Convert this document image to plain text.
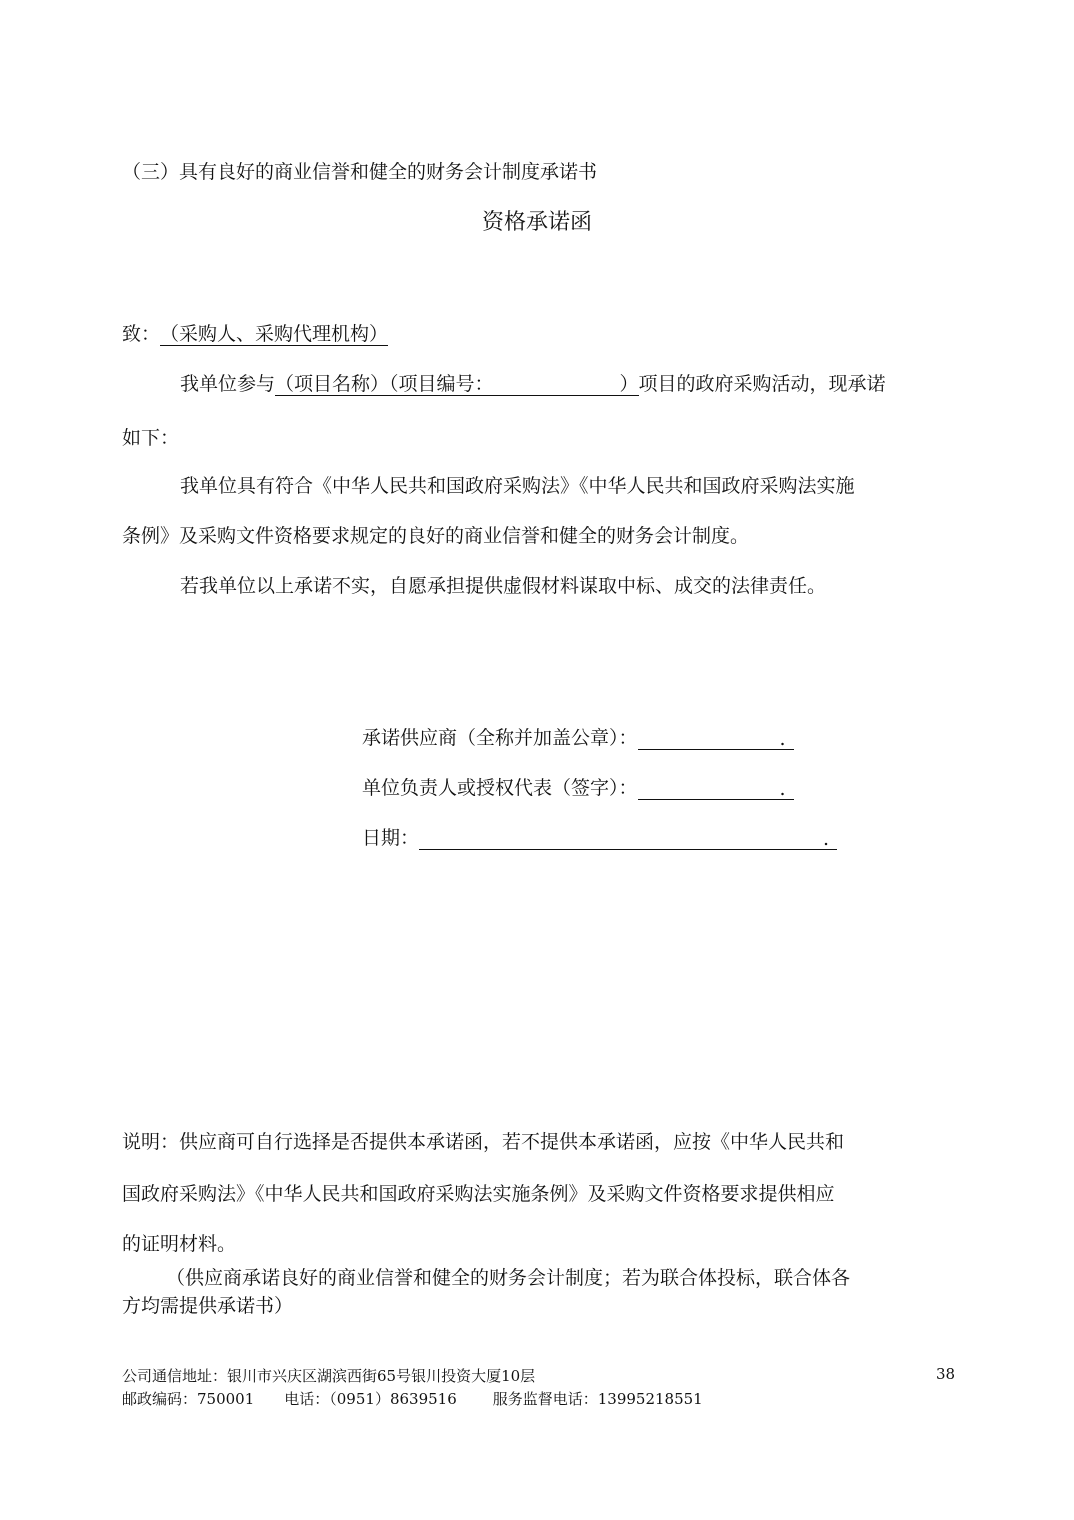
（三）具有良好的商业信誉和健全的财务会计制度承诺书
资格承诺函
致：（采购人、采购代理机构）
我单位参与（项目名称）（项目编号：	）项目的政府采购活动，现承诺
如下：
我单位具有符合《中华人民共和国政府采购法》《中华人民共和国政府采购法实施
条例》及采购文件资格要求规定的良好的商业信誉和健全的财务会计制度。
若我单位以上承诺不实，自愿承担提供虚假材料谋取中标、成交的法律责任。
承诺供应商（全称并加盖公章）：	.
单位负责人或授权代表（签字）：	.
日期：	.
说明：供应商可自行选择是否提供本承诺函，若不提供本承诺函，应按《中华人民共和
国政府采购法》《中华人民共和国政府采购法实施条例》及采购文件资格要求提供相应
的证明材料。
（供应商承诺良好的商业信誉和健全的财务会计制度；若为联合体投标，联合体各
方均需提供承诺书）
公司通信地址：银川市兴庆区湖滨西街65号银川投资大厦10层	38
邮政编码：750001 电话：（0951）8639516 服务监督电话：13995218551
